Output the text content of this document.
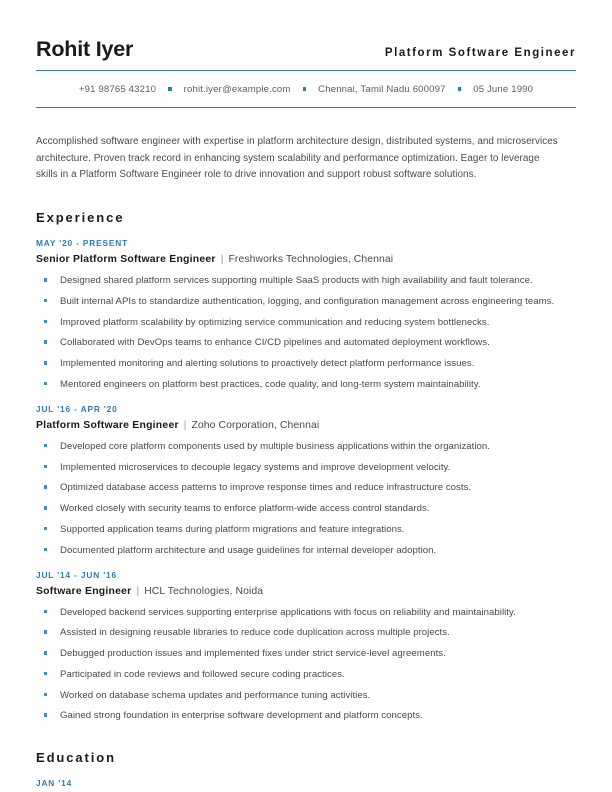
Rohit Iyer	Platform Software Engineer
+91 98765 43210	rohit.iyer@example.com	Chennai, Tamil Nadu 600097	05 June 1990
Accomplished software engineer with expertise in platform architecture design, distributed systems, and microservices architecture. Proven track record in enhancing system scalability and performance optimization. Eager to leverage skills in a Platform Software Engineer role to drive innovation and support robust software solutions.
Experience
MAY '20 - PRESENT
Senior Platform Software Engineer | Freshworks Technologies, Chennai
Designed shared platform services supporting multiple SaaS products with high availability and fault tolerance.
Built internal APIs to standardize authentication, logging, and configuration management across engineering teams.
Improved platform scalability by optimizing service communication and reducing system bottlenecks.
Collaborated with DevOps teams to enhance CI/CD pipelines and automated deployment workflows.
Implemented monitoring and alerting solutions to proactively detect platform performance issues.
Mentored engineers on platform best practices, code quality, and long-term system maintainability.
JUL '16 - APR '20
Platform Software Engineer | Zoho Corporation, Chennai
Developed core platform components used by multiple business applications within the organization.
Implemented microservices to decouple legacy systems and improve development velocity.
Optimized database access patterns to improve response times and reduce infrastructure costs.
Worked closely with security teams to enforce platform-wide access control standards.
Supported application teams during platform migrations and feature integrations.
Documented platform architecture and usage guidelines for internal developer adoption.
JUL '14 - JUN '16
Software Engineer | HCL Technologies, Noida
Developed backend services supporting enterprise applications with focus on reliability and maintainability.
Assisted in designing reusable libraries to reduce code duplication across multiple projects.
Debugged production issues and implemented fixes under strict service-level agreements.
Participated in code reviews and followed secure coding practices.
Worked on database schema updates and performance tuning activities.
Gained strong foundation in enterprise software development and platform concepts.
Education
JAN '14
